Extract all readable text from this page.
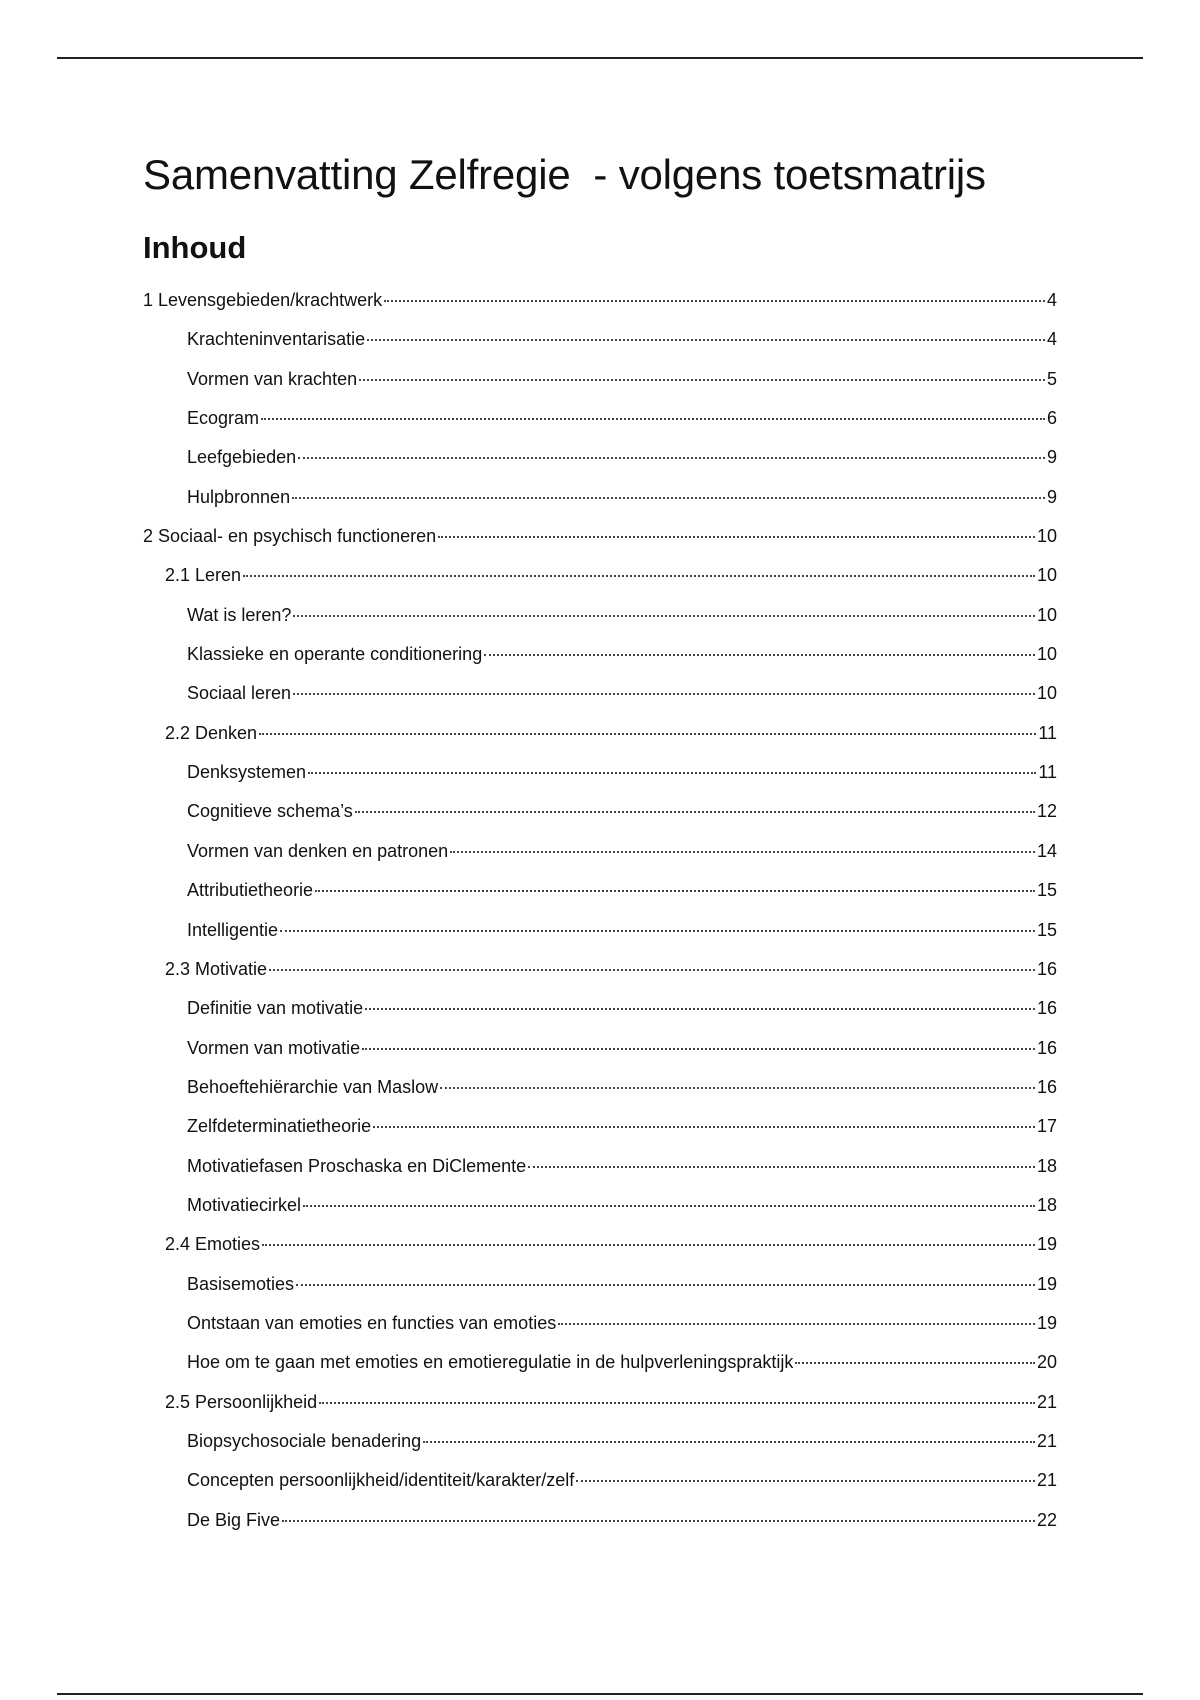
Samenvatting Zelfregie  - volgens toetsmatrijs
Inhoud
1 Levensgebieden/krachtwerk	4
Krachteninventarisatie	4
Vormen van krachten	5
Ecogram	6
Leefgebieden	9
Hulpbronnen	9
2 Sociaal- en psychisch functioneren	10
2.1 Leren	10
Wat is leren?	10
Klassieke en operante conditionering	10
Sociaal leren	10
2.2 Denken	11
Denksystemen	11
Cognitieve schema’s	12
Vormen van denken en patronen	14
Attributietheorie	15
Intelligentie	15
2.3 Motivatie	16
Definitie van motivatie	16
Vormen van motivatie	16
Behoeftehiërarchie van Maslow	16
Zelfdeterminatietheorie	17
Motivatiefasen Proschaska en DiClemente	18
Motivatiecirkel	18
2.4 Emoties	19
Basisemoties	19
Ontstaan van emoties en functies van emoties	19
Hoe om te gaan met emoties en emotieregulatie in de hulpverleningspraktijk	20
2.5 Persoonlijkheid	21
Biopsychosociale benadering	21
Concepten persoonlijkheid/identiteit/karakter/zelf	21
De Big Five	22
